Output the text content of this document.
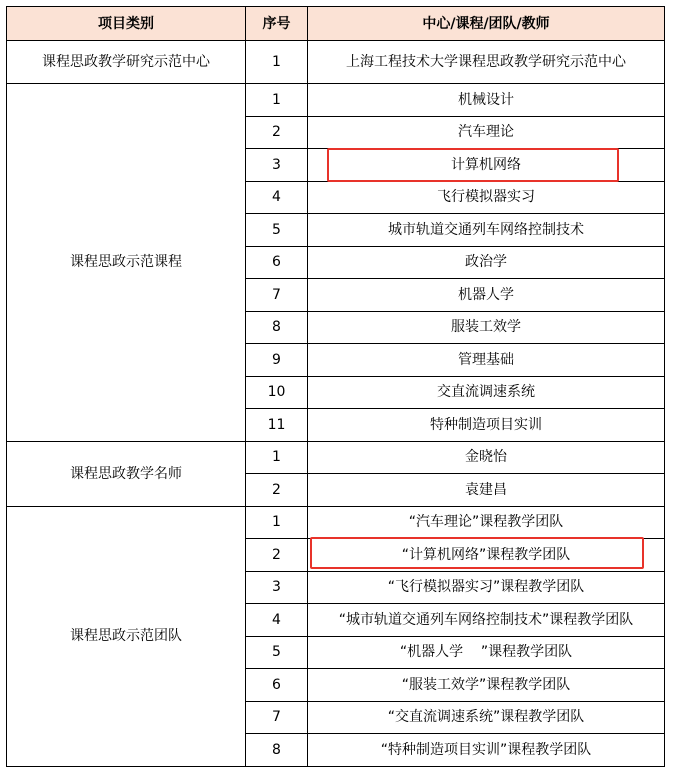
项目类别	序号	中心/课程/团队/教师
课程思政教学研究示范中心	1	上海工程技术大学课程思政教学研究示范中心
课程思政示范课程	1	机械设计
	2	汽车理论
	3	计算机网络
	4	飞行模拟器实习
	5	城市轨道交通列车网络控制技术
	6	政治学
	7	机器人学
	8	服装工效学
	9	管理基础
	10	交直流调速系统
	11	特种制造项目实训
课程思政教学名师	1	金晓怡
	2	袁建昌
课程思政示范团队	1	“汽车理论”课程教学团队
	2	“计算机网络”课程教学团队
	3	“飞行模拟器实习”课程教学团队
	4	“城市轨道交通列车网络控制技术”课程教学团队
	5	“机器人学    ”课程教学团队
	6	“服装工效学”课程教学团队
	7	“交直流调速系统”课程教学团队
	8	“特种制造项目实训”课程教学团队
